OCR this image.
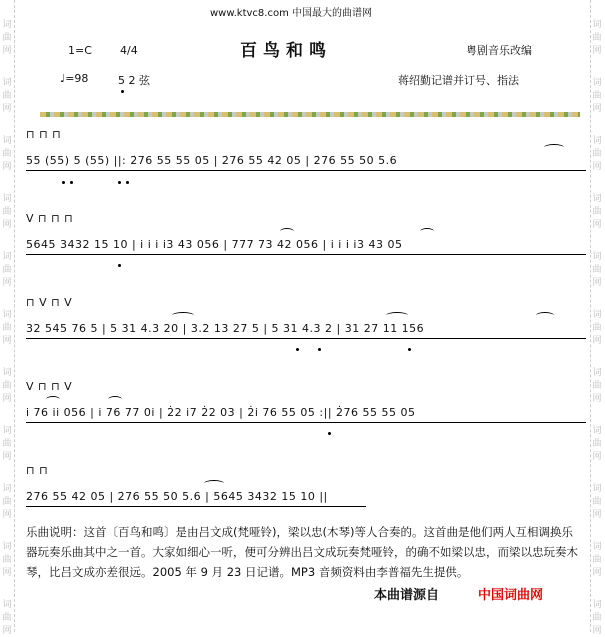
词
曲
网
词
曲
网
词
曲
网
词
曲
网
词
曲
网
词
曲
网
词
曲
网
词
曲
网
词
曲
网
词
曲
网
词
曲
网
词
曲
网
词
曲
网
词
曲
网
词
曲
网
词
曲
网
词
曲
网
词
曲
网
词
曲
网
词
曲
网
词
曲
网
词
曲
网
www.ktvc8.com 中国最大的曲谱网
百鸟和鸣
1=C	4/4	粤剧音乐改编
♩=98	5 2 弦	蒋绍勤记谱并订号、指法
⊓ ⊓ ⊓
55 (55) 5 (55) ||: 2̇76 55 55 05 | 2̇76 55 42 05 | 2̇76 55 50 5.6
V ⊓ ⊓ ⊓
5645 3432 15 10 | i i i i3 43 056 | 777 73 42 056 | i i i i3 43 05
⊓ V ⊓ V
32 545 76 5 | 5 31 4.3 20 | 3.2 13 27 5 | 5 31 4.3 2 | 31 27 11 156
V ⊓ ⊓ V
i 76 ii 056 | i 76 77 0i | 2̇2 i7 2̇2 03 | 2̇i 76 55 05 :|| 2̇76 55 55 05
⊓ ⊓
2̇76 55 42 05 | 2̇76 55 50 5.6 | 5645 3432 15 10 ||
乐曲说明：这首〔百鸟和鸣〕是由吕文成(梵哑铃)，梁以忠(木琴)等人合奏的。这首曲是他们两人互相调换乐器玩奏乐曲其中之一首。大家如细心一听，便可分辨出吕文成玩奏梵哑铃，的确不如梁以忠，而梁以忠玩奏木琴，比吕文成亦差很远。2005 年 9 月 23 日记谱。MP3 音频资料由李普福先生提供。
本曲谱源自	中国词曲网
